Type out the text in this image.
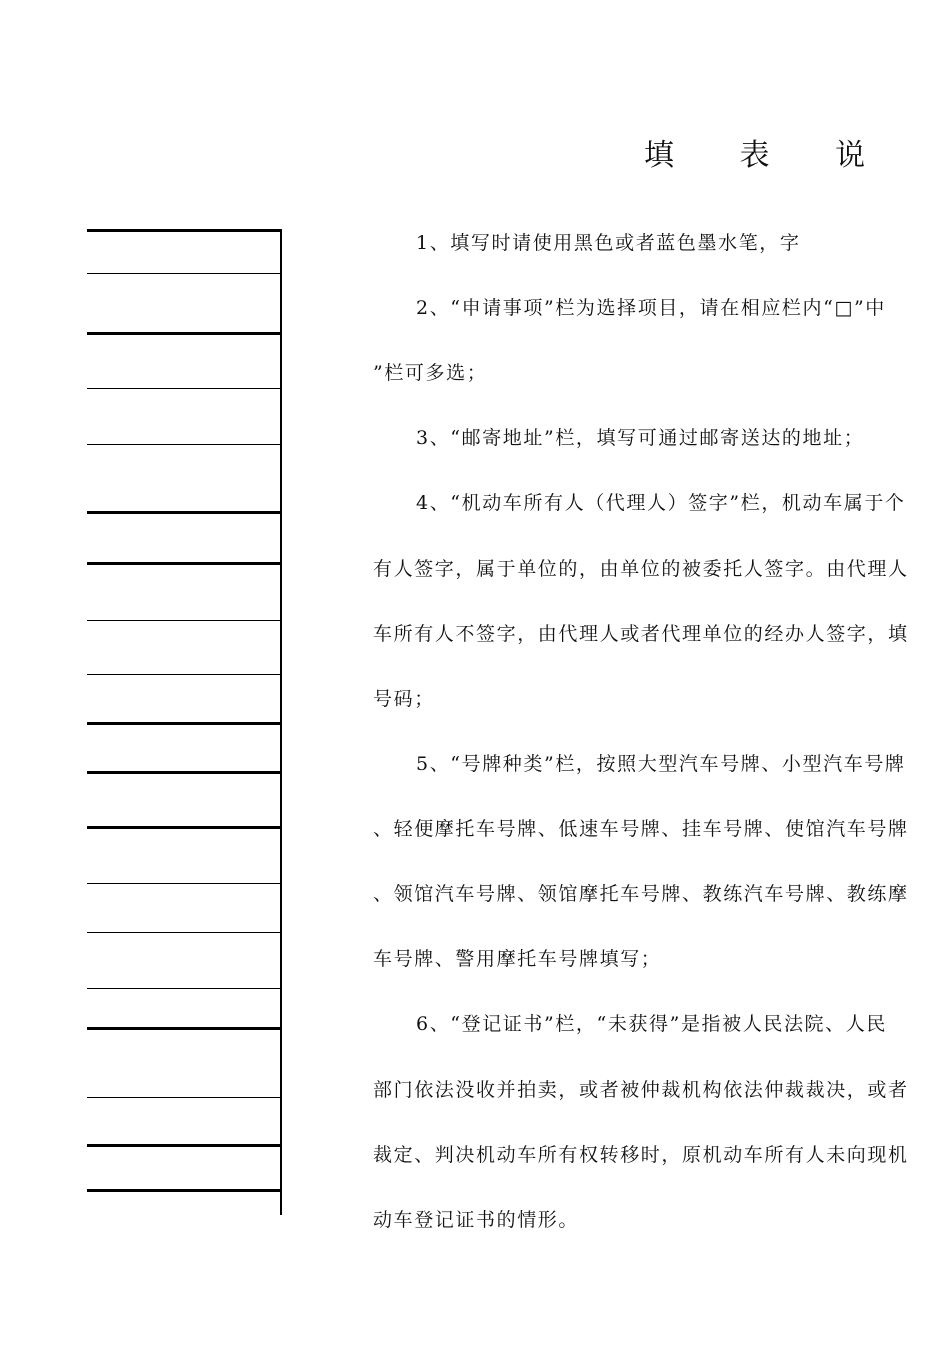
填 表 说
1、填写时请使用黑色或者蓝色墨水笔，字
2、“申请事项”栏为选择项目，请在相应栏内“□”中
”栏可多选；
3、“邮寄地址”栏，填写可通过邮寄送达的地址；
4、“机动车所有人（代理人）签字”栏，机动车属于个
有人签字，属于单位的，由单位的被委托人签字。由代理人
车所有人不签字，由代理人或者代理单位的经办人签字，填
号码；
5、“号牌种类”栏，按照大型汽车号牌、小型汽车号牌
、轻便摩托车号牌、低速车号牌、挂车号牌、使馆汽车号牌
、领馆汽车号牌、领馆摩托车号牌、教练汽车号牌、教练摩
车号牌、警用摩托车号牌填写；
6、“登记证书”栏，“未获得”是指被人民法院、人民
部门依法没收并拍卖，或者被仲裁机构依法仲裁裁决，或者
裁定、判决机动车所有权转移时，原机动车所有人未向现机
动车登记证书的情形。
